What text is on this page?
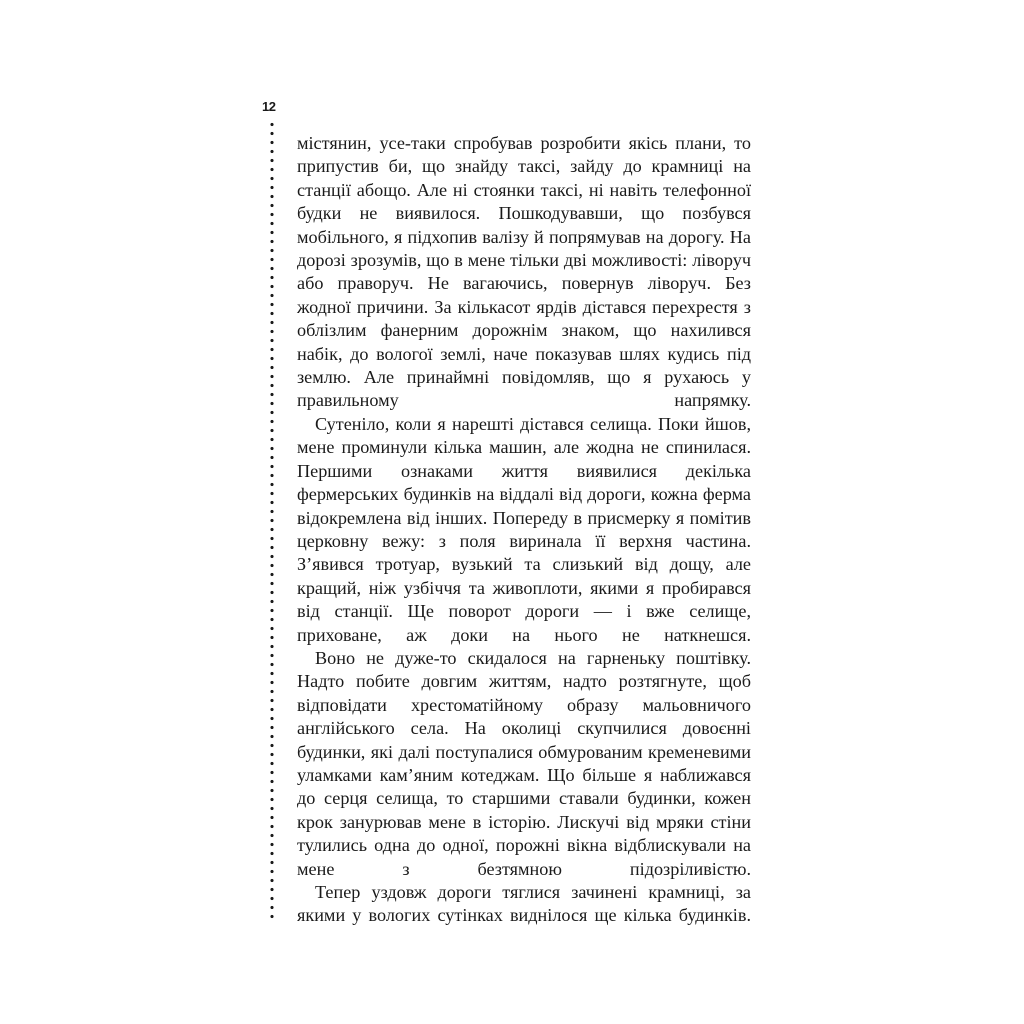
12

містянин, усе-таки спробував розробити якісь плани, то припустив би, що знайду таксі, зайду до крамниці на станції абощо. Але ні стоянки таксі, ні навіть телефонної будки не виявилося. Пошкодувавши, що позбувся мобільного, я підхопив валізу й попрямував на дорогу. На дорозі зрозумів, що в мене тільки дві можливості: ліворуч або праворуч. Не вагаючись, повернув ліворуч. Без жодної причини. За кількасот ярдів дістався перехрестя з облізлим фанерним дорожнім знаком, що нахилився набік, до вологої землі, наче показував шлях кудись під землю. Але принаймні повідомляв, що я рухаюсь у правильному напрямку.

Сутеніло, коли я нарешті дістався селища. Поки йшов, мене проминули кілька машин, але жодна не спинилася. Першими ознаками життя виявилися декілька фермерських будинків на віддалі від дороги, кожна ферма відокремлена від інших. Попереду в присмерку я помітив церковну вежу: з поля виринала її верхня частина. З’явився тротуар, вузький та слизький від дощу, але кращий, ніж узбіччя та живоплоти, якими я пробирався від станції. Ще поворот дороги — і вже селище, приховане, аж доки на нього не наткнешся.

Воно не дуже-то скидалося на гарненьку поштівку. Надто побите довгим життям, надто розтягнуте, щоб відповідати хрестоматійному образу мальовничого англійського села. На околиці скупчилися довоєнні будинки, які далі поступалися обмурованим кременевими уламками кам’яним котеджам. Що більше я наближався до серця селища, то старшими ставали будинки, кожен крок занурював мене в історію. Лискучі від мряки стіни тулились одна до одної, порожні вікна відблискували на мене з безтямною підозріливістю.

Тепер уздовж дороги тяглися зачинені крамниці, за якими у вологих сутінках виднілося ще кілька будинків.
